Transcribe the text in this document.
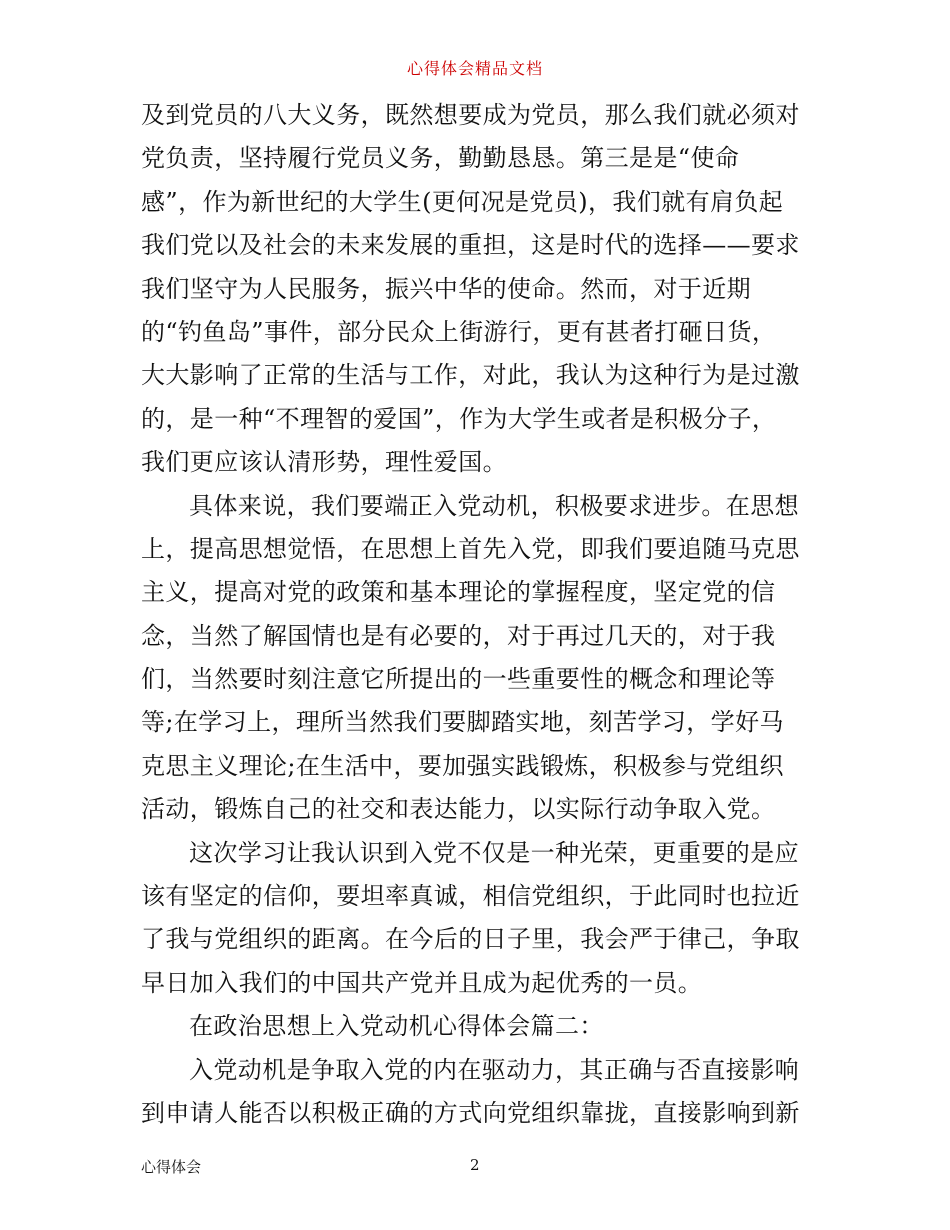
心得体会精品文档
及到党员的八大义务，既然想要成为党员，那么我们就必须对
党负责，坚持履行党员义务，勤勤恳恳。第三是是“使命
感”，作为新世纪的大学生(更何况是党员)，我们就有肩负起
我们党以及社会的未来发展的重担，这是时代的选择——要求
我们坚守为人民服务，振兴中华的使命。然而，对于近期
的“钓鱼岛”事件，部分民众上街游行，更有甚者打砸日货，
大大影响了正常的生活与工作，对此，我认为这种行为是过激
的，是一种“不理智的爱国”，作为大学生或者是积极分子，
我们更应该认清形势，理性爱国。
具体来说，我们要端正入党动机，积极要求进步。在思想
上，提高思想觉悟，在思想上首先入党，即我们要追随马克思
主义，提高对党的政策和基本理论的掌握程度，坚定党的信
念，当然了解国情也是有必要的，对于再过几天的，对于我
们，当然要时刻注意它所提出的一些重要性的概念和理论等
等;在学习上，理所当然我们要脚踏实地，刻苦学习，学好马
克思主义理论;在生活中，要加强实践锻炼，积极参与党组织
活动，锻炼自己的社交和表达能力，以实际行动争取入党。
这次学习让我认识到入党不仅是一种光荣，更重要的是应
该有坚定的信仰，要坦率真诚，相信党组织，于此同时也拉近
了我与党组织的距离。在今后的日子里，我会严于律己，争取
早日加入我们的中国共产党并且成为起优秀的一员。
在政治思想上入党动机心得体会篇二：
入党动机是争取入党的内在驱动力，其正确与否直接影响
到申请人能否以积极正确的方式向党组织靠拢，直接影响到新
心得体会	2
